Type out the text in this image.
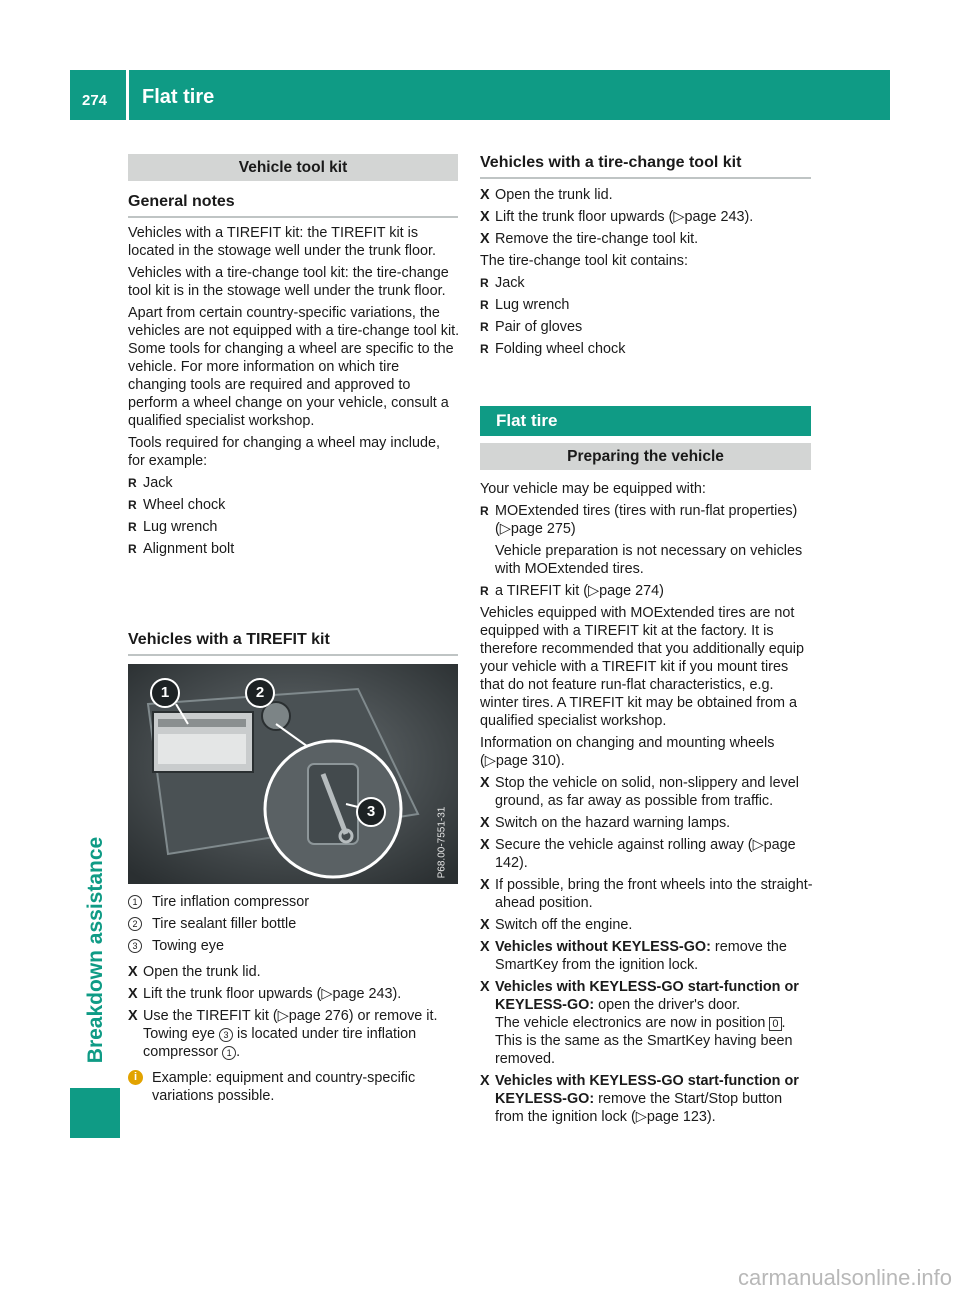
274 Flat tire
Breakdown assistance
Vehicle tool kit
General notes

Vehicles with a TIREFIT kit: the TIREFIT kit is located in the stowage well under the trunk floor.

Vehicles with a tire-change tool kit: the tire-change tool kit is in the stowage well under the trunk floor.

Apart from certain country-specific variations, the vehicles are not equipped with a tire-change tool kit. Some tools for changing a wheel are specific to the vehicle. For more information on which tire changing tools are required and approved to perform a wheel change on your vehicle, consult a qualified specialist workshop.

Tools required for changing a wheel may include, for example:

R Jack
R Wheel chock
R Lug wrench
R Alignment bolt
Vehicles with a TIREFIT kit
1	2
3	P68.00-7551-31
1	Tire inflation compressor
2	Tire sealant filler bottle
3	Towing eye
X Open the trunk lid.
X Lift the trunk floor upwards (▷page 243).
X Use the TIREFIT kit (▷page 276) or remove it. Towing eye 3 is located under tire inflation compressor 1 .
i	Example: equipment and country-specific variations possible.
Vehicles with a tire-change tool kit
X Open the trunk lid.
X Lift the trunk floor upwards (▷page 243).
X Remove the tire-change tool kit.

The tire-change tool kit contains:

R Jack
R Lug wrench
R Pair of gloves
R Folding wheel chock
Flat tire
Preparing the vehicle

Your vehicle may be equipped with:

R MOExtended tires (tires with run-flat properties) (▷page 275)
Vehicle preparation is not necessary on vehicles with MOExtended tires.
R a TIREFIT kit (▷page 274)

Vehicles equipped with MOExtended tires are not equipped with a TIREFIT kit at the factory. It is therefore recommended that you additionally equip your vehicle with a TIREFIT kit if you mount tires that do not feature run-flat characteristics, e.g. winter tires. A TIREFIT kit may be obtained from a qualified specialist workshop.

Information on changing and mounting wheels (▷page 310).

X Stop the vehicle on solid, non-slippery and level ground, as far away as possible from traffic.
X Switch on the hazard warning lamps.
X Secure the vehicle against rolling away (▷page 142).
X If possible, bring the front wheels into the straight-ahead position.
X Switch off the engine.
X Vehicles without KEYLESS-GO: remove the SmartKey from the ignition lock.
X Vehicles with KEYLESS-GO start-function or KEYLESS-GO: open the driver's door.
The vehicle electronics are now in position 0 . This is the same as the SmartKey having been removed.
X Vehicles with KEYLESS-GO start-function or KEYLESS-GO: remove the Start/Stop button from the ignition lock (▷page 123).
carmanualsonline.info
